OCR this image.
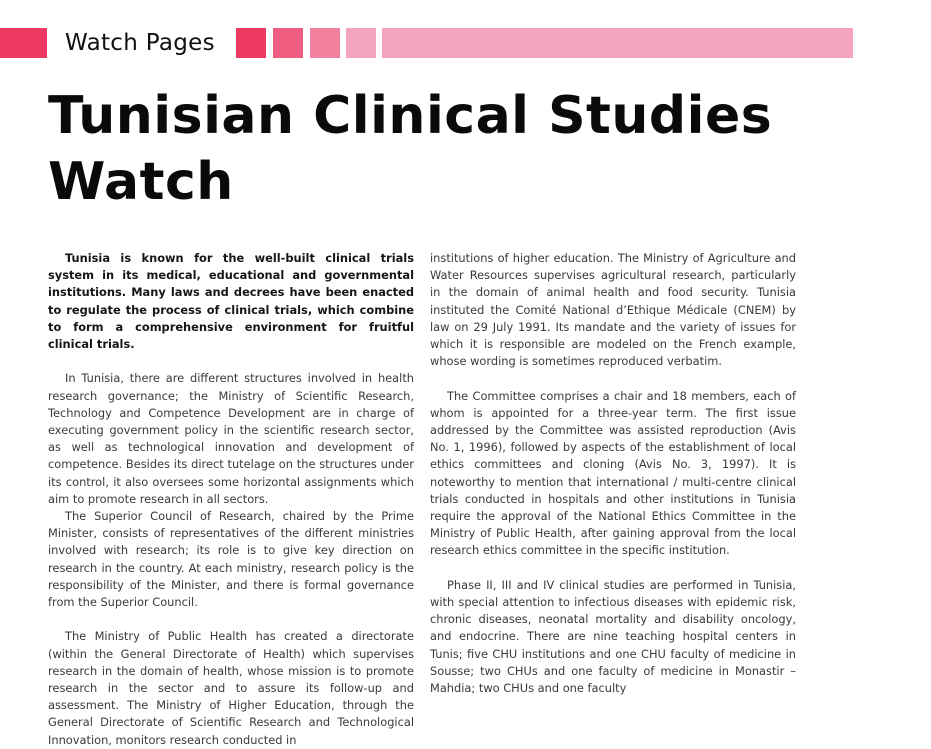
Watch Pages
Tunisian Clinical Studies
Watch

Tunisia is known for the well-built clinical trials system in its medical, educational and governmental institutions. Many laws and decrees have been enacted to regulate the process of clinical trials, which combine to form a comprehensive environment for fruitful clinical trials.

In Tunisia, there are different structures involved in health research governance; the Ministry of Scientific Research, Technology and Competence Development are in charge of executing government policy in the scientific research sector, as well as technological innovation and development of competence. Besides its direct tutelage on the structures under its control, it also oversees some horizontal assignments which aim to promote research in all sectors.

The Superior Council of Research, chaired by the Prime Minister, consists of representatives of the different ministries involved with research; its role is to give key direction on research in the country. At each ministry, research policy is the responsibility of the Minister, and there is formal governance from the Superior Council.

The Ministry of Public Health has created a directorate (within the General Directorate of Health) which supervises research in the domain of health, whose mission is to promote research in the sector and to assure its follow-up and assessment. The Ministry of Higher Education, through the General Directorate of Scientific Research and Technological Innovation, monitors research conducted in

institutions of higher education. The Ministry of Agriculture and Water Resources supervises agricultural research, particularly in the domain of animal health and food security. Tunisia instituted the Comité National d’Ethique Médicale (CNEM) by law on 29 July 1991. Its mandate and the variety of issues for which it is responsible are modeled on the French example, whose wording is sometimes reproduced verbatim.

The Committee comprises a chair and 18 members, each of whom is appointed for a three-year term. The first issue addressed by the Committee was assisted reproduction (Avis No. 1, 1996), followed by aspects of the establishment of local ethics committees and cloning (Avis No. 3, 1997). It is noteworthy to mention that international / multi-centre clinical trials conducted in hospitals and other institutions in Tunisia require the approval of the National Ethics Committee in the Ministry of Public Health, after gaining approval from the local research ethics committee in the specific institution.

Phase II, III and IV clinical studies are performed in Tunisia, with special attention to infectious diseases with epidemic risk, chronic diseases, neonatal mortality and disability oncology, and endocrine. There are nine teaching hospital centers in Tunis; five CHU institutions and one CHU faculty of medicine in Sousse; two CHUs and one faculty of medicine in Monastir – Mahdia; two CHUs and one faculty
